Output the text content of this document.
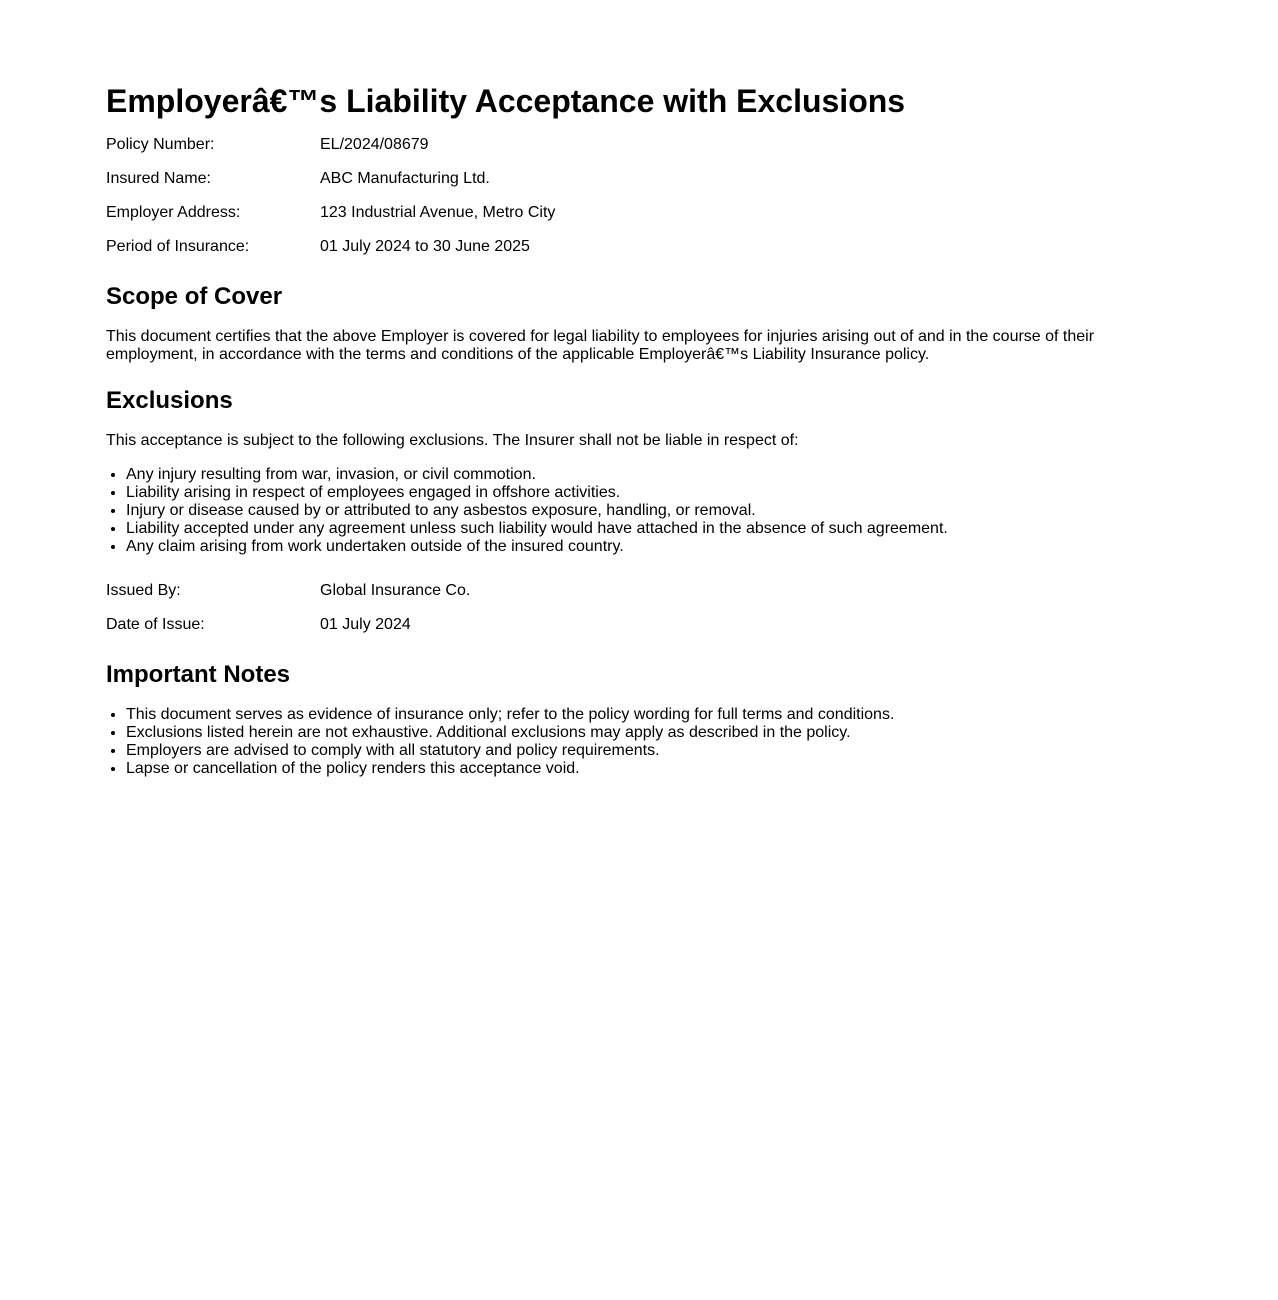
Employerâ€™s Liability Acceptance with Exclusions
Policy Number:	EL/2024/08679
Insured Name:	ABC Manufacturing Ltd.
Employer Address:	123 Industrial Avenue, Metro City
Period of Insurance:	01 July 2024 to 30 June 2025
Scope of Cover

This document certifies that the above Employer is covered for legal liability to employees for injuries arising out of and in the course of their employment, in accordance with the terms and conditions of the applicable Employerâ€™s Liability Insurance policy.

Exclusions

This acceptance is subject to the following exclusions. The Insurer shall not be liable in respect of:

• Any injury resulting from war, invasion, or civil commotion.
• Liability arising in respect of employees engaged in offshore activities.
• Injury or disease caused by or attributed to any asbestos exposure, handling, or removal.
• Liability accepted under any agreement unless such liability would have attached in the absence of such agreement.
• Any claim arising from work undertaken outside of the insured country.
Issued By:	Global Insurance Co.
Date of Issue:	01 July 2024
Important Notes
• This document serves as evidence of insurance only; refer to the policy wording for full terms and conditions.
• Exclusions listed herein are not exhaustive. Additional exclusions may apply as described in the policy.
• Employers are advised to comply with all statutory and policy requirements.
• Lapse or cancellation of the policy renders this acceptance void.
